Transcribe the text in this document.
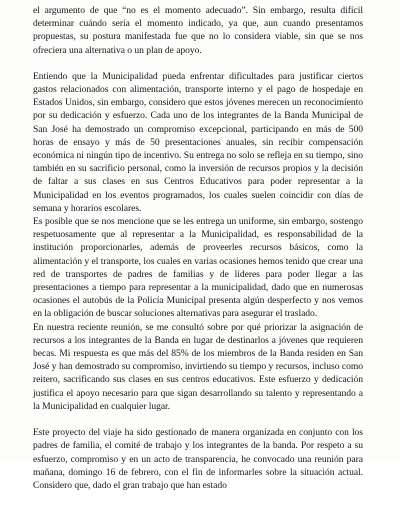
el argumento de que “no es el momento adecuado”. Sin embargo, resulta difícil determinar cuándo sería el momento indicado, ya que, aun cuando presentamos propuestas, su postura manifestada fue que no lo considera viable, sin que se nos ofreciera una alternativa o un plan de apoyo.

Entiendo que la Municipalidad pueda enfrentar dificultades para justificar ciertos gastos relacionados con alimentación, transporte interno y el pago de hospedaje en Estados Unidos, sin embargo, considero que estos jóvenes merecen un reconocimiento por su dedicación y esfuerzo. Cada uno de los integrantes de la Banda Municipal de San José ha demostrado un compromiso excepcional, participando en más de 500 horas de ensayo y más de 50 presentaciones anuales, sin recibir compensación económica ni ningún tipo de incentivo. Su entrega no solo se refleja en su tiempo, sino también en su sacrificio personal, como la inversión de recursos propios y la decisión de faltar a sus clases en sus Centros Educativos para poder representar a la Municipalidad en los eventos programados, los cuales suelen coincidir con días de semana y horarios escolares.

Es posible que se nos mencione que se les entrega un uniforme, sin embargo, sostengo respetuosamente que al representar a la Municipalidad, es responsabilidad de la institución proporcionarles, además de proveerles recursos básicos, como la alimentación y el transporte, los cuales en varias ocasiones hemos tenido que crear una red de transportes de padres de familias y de líderes para poder llegar a las presentaciones a tiempo para representar a la municipalidad, dado que en numerosas ocasiones el autobús de la Policía Municipal presenta algún desperfecto y nos vemos en la obligación de buscar soluciones alternativas para asegurar el traslado.

En nuestra reciente reunión, se me consultó sobre por qué priorizar la asignación de recursos a los integrantes de la Banda en lugar de destinarlos a jóvenes que requieren becas. Mi respuesta es que más del 85% de los miembros de la Banda residen en San José y han demostrado su compromiso, invirtiendo su tiempo y recursos, incluso como reitero, sacrificando sus clases en sus centros educativos. Este esfuerzo y dedicación justifica el apoyo necesario para que sigan desarrollando su talento y representando a la Municipalidad en cualquier lugar.

Este proyecto del viaje ha sido gestionado de manera organizada en conjunto con los padres de familia, el comité de trabajo y los integrantes de la banda. Por respeto a su esfuerzo, compromiso y en un acto de transparencia, he convocado una reunión para mañana, domingo 16 de febrero, con el fin de informarles sobre la situación actual. Considero que, dado el gran trabajo que han estado
